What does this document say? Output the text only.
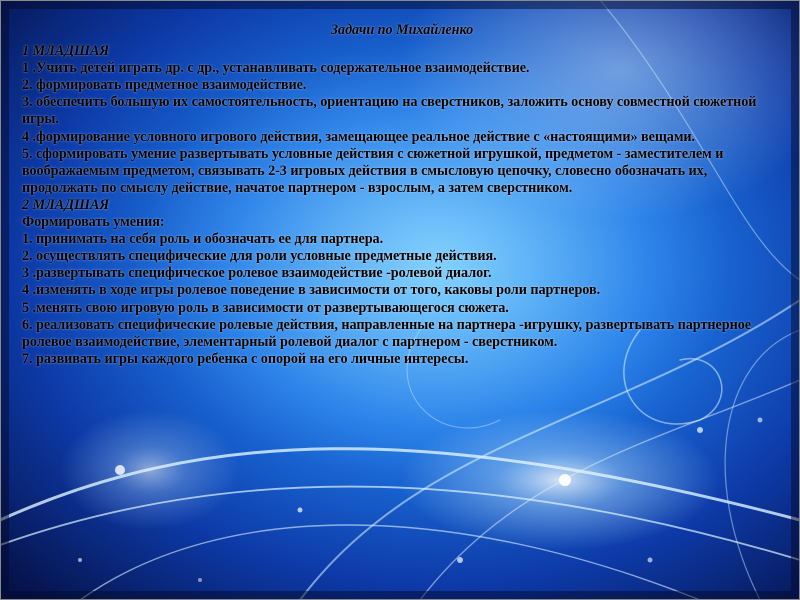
Задачи по Михайленко
1 МЛАДШАЯ

1 .Учить детей играть др. с др., устанавливать содержательное взаимодействие.

2. формировать предметное взаимодействие.

3. обеспечить большую их самостоятельность, ориентацию на сверстников, заложить основу совместной сюжетной игры.

4 .формирование условного игрового действия, замещающее реальное действие с «настоящими» вещами.

5. сформировать умение развертывать условные действия с сюжетной игрушкой, предметом - заместителем и воображаемым предметом, связывать 2-3 игровых действия в смысловую цепочку, словесно обозначать их, продолжать по смыслу действие, начатое партнером - взрослым, а затем сверстником.

2 МЛАДШАЯ

Формировать умения:

1. принимать на себя роль и обозначать ее для партнера.

2. осуществлять специфические для роли условные предметные действия.

3 .развертывать специфическое ролевое взаимодействие -ролевой диалог.

4 .изменять в ходе игры ролевое поведение в зависимости от того, каковы роли партнеров.

5 .менять свою игровую роль в зависимости от развертывающегося сюжета.

6. реализовать специфические ролевые действия, направленные на партнера -игрушку, развертывать партнерное ролевое взаимодействие, элементарный ролевой диалог с партнером - сверстником.

7. развивать игры каждого ребенка с опорой на его личные интересы.
